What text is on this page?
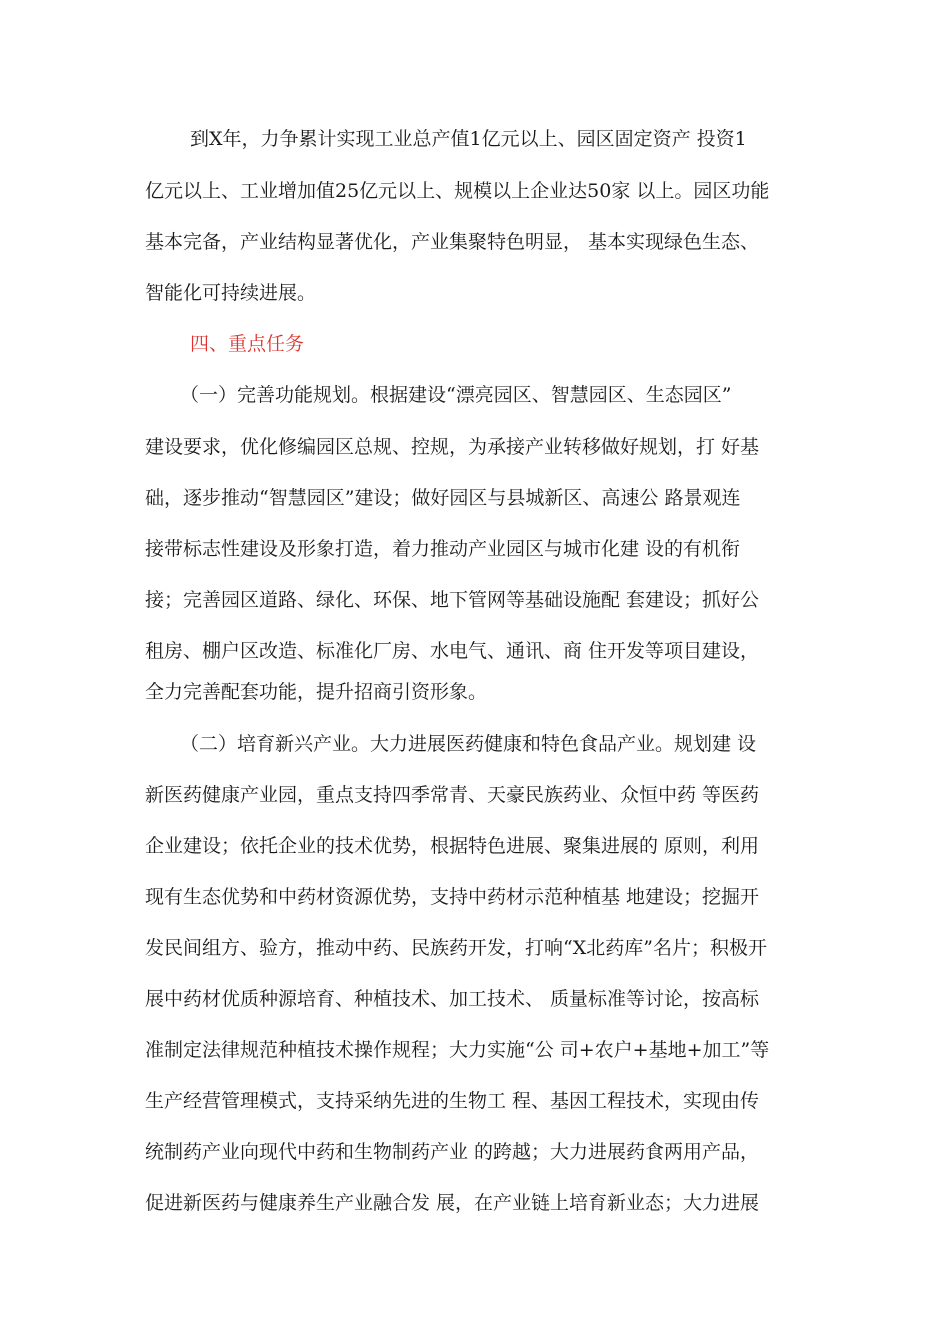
到X年，力争累计实现工业总产值1亿元以上、园区固定资产 投资1

亿元以上、工业增加值25亿元以上、规模以上企业达50家 以上。园区功能

基本完备，产业结构显著优化，产业集聚特色明显， 基本实现绿色生态、

智能化可持续进展。

四、重点任务

（一）完善功能规划。根据建设“漂亮园区、智慧园区、生态园区”

建设要求，优化修编园区总规、控规，为承接产业转移做好规划，打 好基

础，逐步推动“智慧园区”建设；做好园区与县城新区、高速公 路景观连

接带标志性建设及形象打造，着力推动产业园区与城市化建 设的有机衔

接；完善园区道路、绿化、环保、地下管网等基础设施配 套建设；抓好公

租房、棚户区改造、标准化厂房、水电气、通讯、商 住开发等项目建设，

全力完善配套功能，提升招商引资形象。

（二）培育新兴产业。大力进展医药健康和特色食品产业。规划建 设

新医药健康产业园，重点支持四季常青、天豪民族药业、众恒中药 等医药

企业建设；依托企业的技术优势，根据特色进展、聚集进展的 原则，利用

现有生态优势和中药材资源优势，支持中药材示范种植基 地建设；挖掘开

发民间组方、验方，推动中药、民族药开发，打响“X北药库”名片；积极开

展中药材优质种源培育、种植技术、加工技术、 质量标准等讨论，按高标

准制定法律规范种植技术操作规程；大力实施“公 司+农户+基地+加工”等

生产经营管理模式，支持采纳先进的生物工 程、基因工程技术，实现由传

统制药产业向现代中药和生物制药产业 的跨越；大力进展药食两用产品，

促进新医药与健康养生产业融合发 展，在产业链上培育新业态；大力进展
